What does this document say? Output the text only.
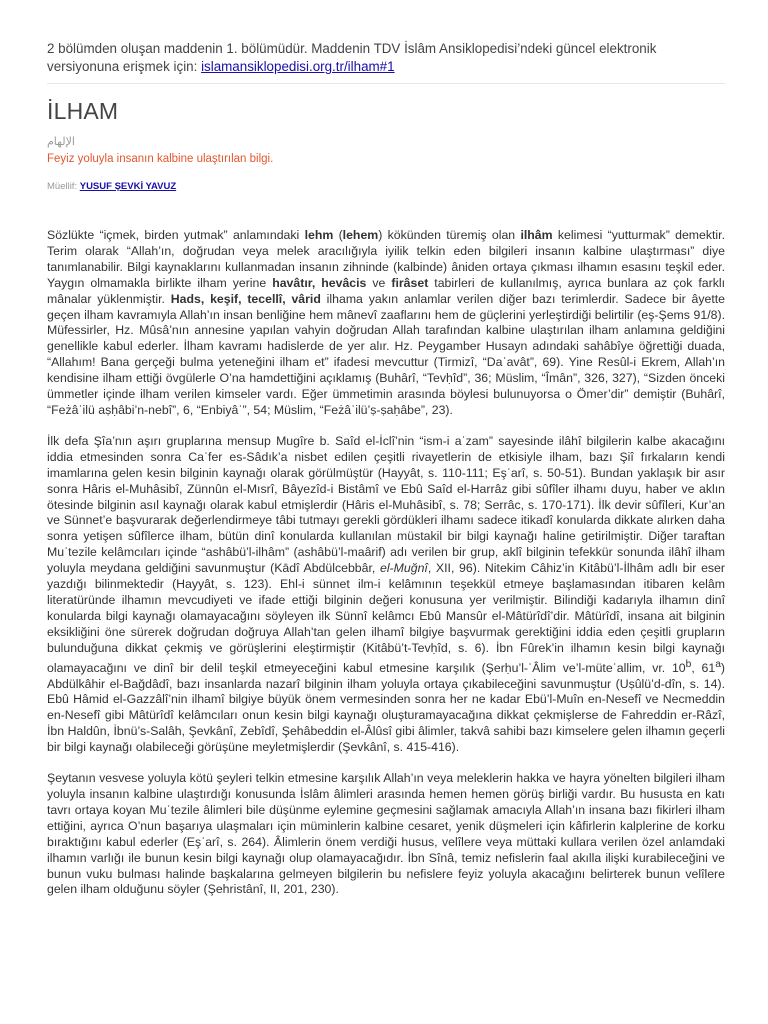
2 bölümden oluşan maddenin 1. bölümüdür. Maddenin TDV İslâm Ansiklopedisi’ndeki güncel elektronik versiyonuna erişmek için: islamansiklopedisi.org.tr/ilham#1
İLHAM
الإلهام
Feyiz yoluyla insanın kalbine ulaştırılan bilgi.
Müellif: YUSUF ŞEVKİ YAVUZ

Sözlükte “içmek, birden yutmak” anlamındaki lehm (lehem) kökünden türemiş olan ilhâm kelimesi “yutturmak” demektir. Terim olarak “Allah’ın, doğrudan veya melek aracılığıyla iyilik telkin eden bilgileri insanın kalbine ulaştırması” diye tanımlanabilir. Bilgi kaynaklarını kullanmadan insanın zihninde (kalbinde) âniden ortaya çıkması ilhamın esasını teşkil eder. Yaygın olmamakla birlikte ilham yerine havâtır, hevâcis ve firâset tabirleri de kullanılmış, ayrıca bunlara az çok farklı mânalar yüklenmiştir. Hads, keşif, tecellî, vârid ilhama yakın anlamlar verilen diğer bazı terimlerdir. Sadece bir âyette geçen ilham kavramıyla Allah’ın insan benliğine hem mânevî zaaflarını hem de güçlerini yerleştirdiği belirtilir (eş-Şems 91/8). Müfessirler, Hz. Mûsâ’nın annesine yapılan vahyin doğrudan Allah tarafından kalbine ulaştırılan ilham anlamına geldiğini genellikle kabul ederler. İlham kavramı hadislerde de yer alır. Hz. Peygamber Husayn adındaki sahâbîye öğrettiği duada, “Allahım! Bana gerçeği bulma yeteneğini ilham et” ifadesi mevcuttur (Tirmizî, “Daʿavât”, 69). Yine Resûl-i Ekrem, Allah’ın kendisine ilham ettiği övgülerle O’na hamdettiğini açıklamış (Buhârî, “Tevḥîd”, 36; Müslim, “Îmân”, 326, 327), “Sizden önceki ümmetler içinde ilham verilen kimseler vardı. Eğer ümmetimin arasında böylesi bulunuyorsa o Ömer’dir” demiştir (Buhârî, “Feżâʾilü aṣḥâbi’n-nebî”, 6, “Enbiyâʾ”, 54; Müslim, “Feżâʾilü’ṣ-ṣaḥâbe”, 23).

İlk defa Şîa’nın aşırı gruplarına mensup Mugîre b. Saîd el-İclî’nin “ism-i aʿzam” sayesinde ilâhî bilgilerin kalbe akacağını iddia etmesinden sonra Caʿfer es-Sâdık’a nisbet edilen çeşitli rivayetlerin de etkisiyle ilham, bazı Şiî fırkaların kendi imamlarına gelen kesin bilginin kaynağı olarak görülmüştür (Hayyât, s. 110-111; Eşʿarî, s. 50-51). Bundan yaklaşık bir asır sonra Hâris el-Muhâsibî, Zünnûn el-Mısrî, Bâyezîd-i Bistâmî ve Ebû Saîd el-Harrâz gibi sûfîler ilhamı duyu, haber ve aklın ötesinde bilginin asıl kaynağı olarak kabul etmişlerdir (Hâris el-Muhâsibî, s. 78; Serrâc, s. 170-171). İlk devir sûfîleri, Kur’an ve Sünnet’e başvurarak değerlendirmeye tâbi tutmayı gerekli gördükleri ilhamı sadece itikadî konularda dikkate alırken daha sonra yetişen sûfîlerce ilham, bütün dinî konularda kullanılan müstakil bir bilgi kaynağı haline getirilmiştir. Diğer taraftan Muʿtezile kelâmcıları içinde “ashâbü’l-ilhâm” (ashâbü’l-maârif) adı verilen bir grup, aklî bilginin tefekkür sonunda ilâhî ilham yoluyla meydana geldiğini savunmuştur (Kādî Abdülcebbâr, el-Muğnî, XII, 96). Nitekim Câhiz’in Kitâbü’l-İlhâm adlı bir eser yazdığı bilinmektedir (Hayyât, s. 123). Ehl-i sünnet ilm-i kelâmının teşekkül etmeye başlamasından itibaren kelâm literatüründe ilhamın mevcudiyeti ve ifade ettiği bilginin değeri konusuna yer verilmiştir. Bilindiği kadarıyla ilhamın dinî konularda bilgi kaynağı olamayacağını söyleyen ilk Sünnî kelâmcı Ebû Mansûr el-Mâtürîdî’dir. Mâtürîdî, insana ait bilginin eksikliğini öne sürerek doğrudan doğruya Allah’tan gelen ilhamî bilgiye başvurmak gerektiğini iddia eden çeşitli grupların bulunduğuna dikkat çekmiş ve görüşlerini eleştirmiştir (Kitâbü’t-Tevḥîd, s. 6). İbn Fûrek’in ilhamın kesin bilgi kaynağı olamayacağını ve dinî bir delil teşkil etmeyeceğini kabul etmesine karşılık (Şerḥu’l-ʿÂlim ve’l-müteʿallim, vr. 10$^b$, 61$^a$) Abdülkâhir el-Bağdâdî, bazı insanlarda nazarî bilginin ilham yoluyla ortaya çıkabileceğini savunmuştur (Uṣûlü’d-dîn, s. 14). Ebû Hâmid el-Gazzâlî’nin ilhamî bilgiye büyük önem vermesinden sonra her ne kadar Ebü’l-Muîn en-Nesefî ve Necmeddin en-Nesefî gibi Mâtürîdî kelâmcıları onun kesin bilgi kaynağı oluşturamayacağına dikkat çekmişlerse de Fahreddin er-Râzî, İbn Haldûn, İbnü’s-Salâh, Şevkânî, Zebîdî, Şehâbeddin el-Âlûsî gibi âlimler, takvâ sahibi bazı kimselere gelen ilhamın geçerli bir bilgi kaynağı olabileceği görüşüne meyletmişlerdir (Şevkânî, s. 415-416).

Şeytanın vesvese yoluyla kötü şeyleri telkin etmesine karşılık Allah’ın veya meleklerin hakka ve hayra yönelten bilgileri ilham yoluyla insanın kalbine ulaştırdığı konusunda İslâm âlimleri arasında hemen hemen görüş birliği vardır. Bu hususta en katı tavrı ortaya koyan Muʿtezile âlimleri bile düşünme eylemine geçmesini sağlamak amacıyla Allah’ın insana bazı fikirleri ilham ettiğini, ayrıca O’nun başarıya ulaşmaları için müminlerin kalbine cesaret, yenik düşmeleri için kâfirlerin kalplerine de korku bıraktığını kabul ederler (Eşʿarî, s. 264). Âlimlerin önem verdiği husus, velîlere veya müttaki kullara verilen özel anlamdaki ilhamın varlığı ile bunun kesin bilgi kaynağı olup olamayacağıdır. İbn Sînâ, temiz nefislerin faal akılla ilişki kurabileceğini ve bunun vuku bulması halinde başkalarına gelmeyen bilgilerin bu nefislere feyiz yoluyla akacağını belirterek bunun velîlere gelen ilham olduğunu söyler (Şehristânî, II, 201, 230).
